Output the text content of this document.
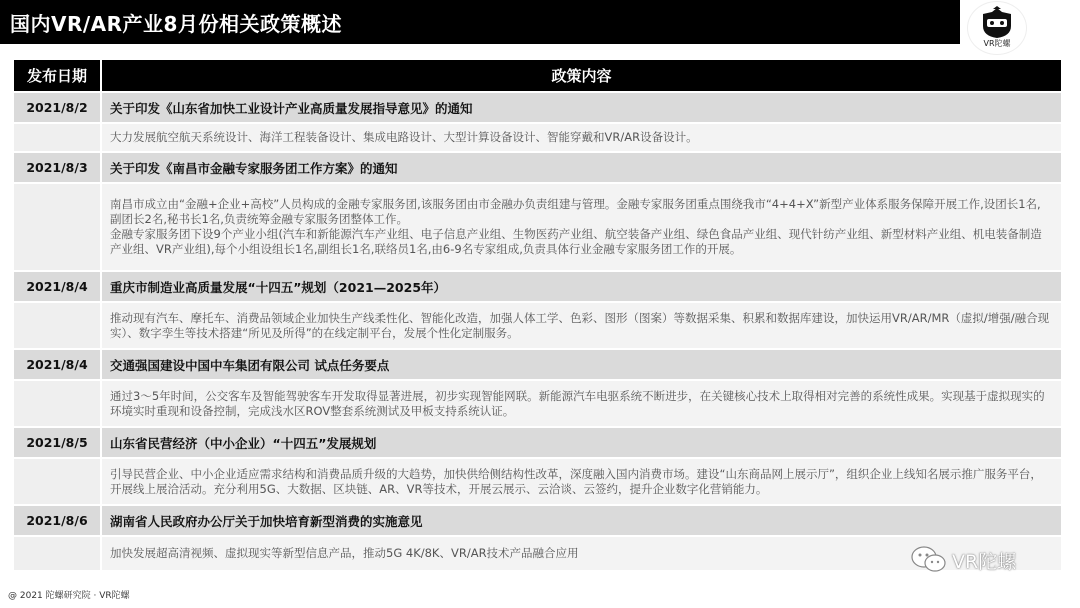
国内VR/AR产业8月份相关政策概述
VR陀螺
发布日期	政策内容
2021/8/2	关于印发《山东省加快工业设计产业高质量发展指导意见》的通知
大力发展航空航天系统设计、海洋工程装备设计、集成电路设计、大型计算设备设计、智能穿戴和VR/AR设备设计。
2021/8/3	关于印发《南昌市金融专家服务团工作方案》的通知
南昌市成立由“金融+企业+高校”人员构成的金融专家服务团,该服务团由市金融办负责组建与管理。金融专家服务团重点围绕我市“4+4+X”新型产业体系服务保障开展工作,设团长1名,副团长2名,秘书长1名,负责统筹金融专家服务团整体工作。
金融专家服务团下设9个产业小组(汽车和新能源汽车产业组、电子信息产业组、生物医药产业组、航空装备产业组、绿色食品产业组、现代针纺产业组、新型材料产业组、机电装备制造产业组、VR产业组),每个小组设组长1名,副组长1名,联络员1名,由6-9名专家组成,负责具体行业金融专家服务团工作的开展。
2021/8/4	重庆市制造业高质量发展“十四五”规划（2021—2025年）
推动现有汽车、摩托车、消费品领域企业加快生产线柔性化、智能化改造，加强人体工学、色彩、图形（图案）等数据采集、积累和数据库建设，加快运用VR/AR/MR（虚拟/增强/融合现实）、数字孪生等技术搭建“所见及所得”的在线定制平台，发展个性化定制服务。
2021/8/4	交通强国建设中国中车集团有限公司 试点任务要点
通过3～5年时间，公交客车及智能驾驶客车开发取得显著进展，初步实现智能网联。新能源汽车电驱系统不断进步，在关键核心技术上取得相对完善的系统性成果。实现基于虚拟现实的环境实时重现和设备控制，完成浅水区ROV整套系统测试及甲板支持系统认证。
2021/8/5	山东省民营经济（中小企业）“十四五”发展规划
引导民营企业、中小企业适应需求结构和消费品质升级的大趋势，加快供给侧结构性改革，深度融入国内消费市场。建设“山东商品网上展示厅”，组织企业上线知名展示推广服务平台，开展线上展洽活动。充分利用5G、大数据、区块链、AR、VR等技术，开展云展示、云洽谈、云签约，提升企业数字化营销能力。
2021/8/6	湖南省人民政府办公厅关于加快培育新型消费的实施意见
加快发展超高清视频、虚拟现实等新型信息产品，推动5G 4K/8K、VR/AR技术产品融合应用	VR陀螺
@ 2021 陀螺研究院 · VR陀螺
